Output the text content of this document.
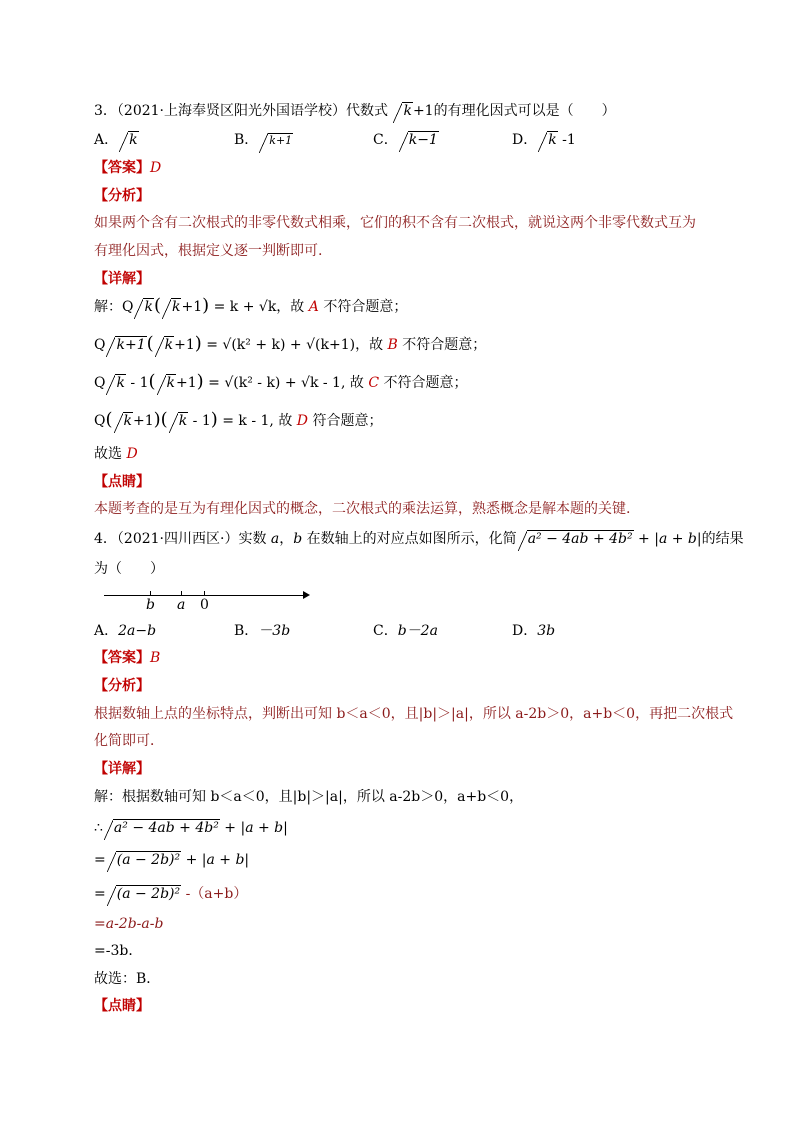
3．（2021·上海奉贤区阳光外国语学校）代数式 k+1的有理化因式可以是（　　）
A． k	B． k+1	C． k−1	D． k -1
【答案】D
【分析】
如果两个含有二次根式的非零代数式相乘，它们的积不含有二次根式，就说这两个非零代数式互为
有理化因式，根据定义逐一判断即可.
【详解】
解：Q k( k+1) = k + √k，故 A 不符合题意；
Q k+1( k+1) = √(k² + k) + √(k+1)，故 B 不符合题意；
Q k - 1( k+1) = √(k² - k) + √k - 1, 故 C 不符合题意；
Q( k+1)( k - 1) = k - 1, 故 D 符合题意；
故选 D
【点睛】
本题考查的是互为有理化因式的概念，二次根式的乘法运算，熟悉概念是解本题的关键.
4．（2021·四川西区·）实数 a，b 在数轴上的对应点如图所示，化简 a² − 4ab + 4b² + |a + b|的结果
为（　　）
b a 0
A．2a−b	B．－3b	C．b－2a	D．3b
【答案】B
【分析】
根据数轴上点的坐标特点，判断出可知 b＜a＜0，且|b|＞|a|，所以 a-2b＞0，a+b＜0，再把二次根式
化简即可．
【详解】
解：根据数轴可知 b＜a＜0，且|b|＞|a|，所以 a-2b＞0，a+b＜0，
∴ a² − 4ab + 4b² + |a + b|
= (a − 2b)² + |a + b|
= (a − 2b)² -（a+b）
=a-2b-a-b
=-3b．
故选：B．
【点睛】
